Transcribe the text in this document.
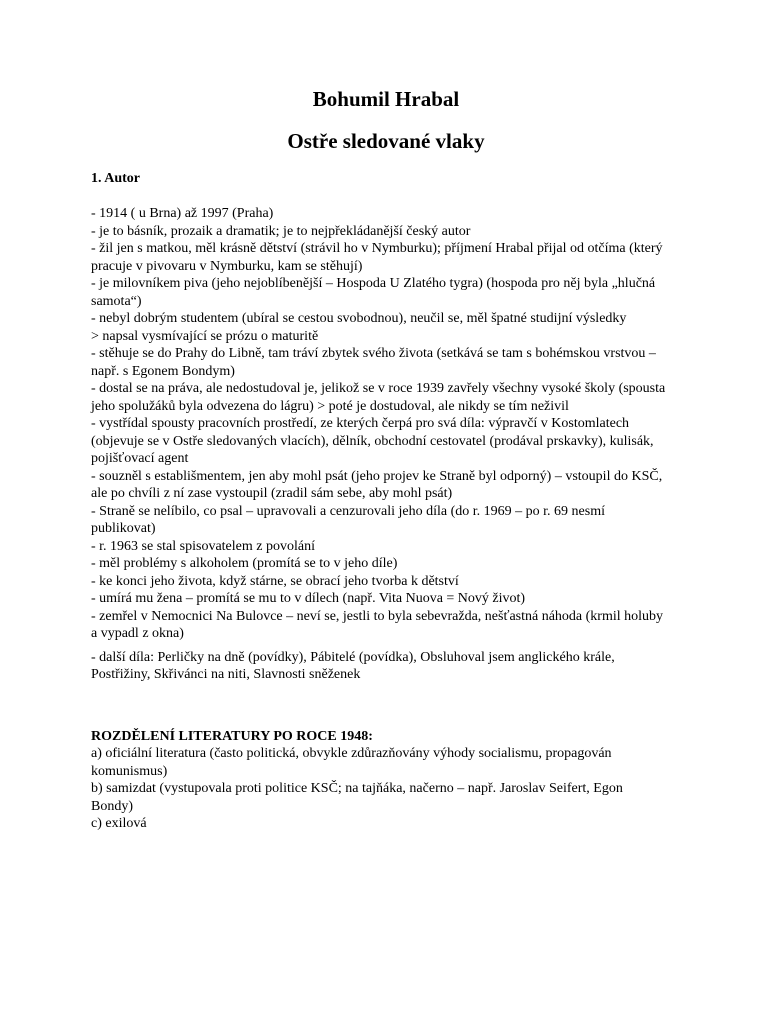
Bohumil Hrabal
Ostře sledované vlaky

1. Autor

- 1914 ( u Brna) až 1997 (Praha)

- je to básník, prozaik a dramatik; je to nejpřekládanější český autor

- žil jen s matkou, měl krásně dětství (strávil ho v Nymburku); příjmení Hrabal přijal od otčíma (který

pracuje v pivovaru v Nymburku, kam se stěhují)

- je milovníkem piva (jeho nejoblíbenější – Hospoda U Zlatého tygra) (hospoda pro něj byla „hlučná

samota“)

- nebyl dobrým studentem (ubíral se cestou svobodnou), neučil se, měl špatné studijní výsledky

> napsal vysmívající se prózu o maturitě

- stěhuje se do Prahy do Libně, tam tráví zbytek svého života (setkává se tam s bohémskou vrstvou –

např. s Egonem Bondym)

- dostal se na práva, ale nedostudoval je, jelikož se v roce 1939 zavřely všechny vysoké školy (spousta

jeho spolužáků byla odvezena do lágru) > poté je dostudoval, ale nikdy se tím neživil

- vystřídal spousty pracovních prostředí, ze kterých čerpá pro svá díla: výpravčí v Kostomlatech

(objevuje se v Ostře sledovaných vlacích), dělník, obchodní cestovatel (prodával prskavky), kulisák,

pojišťovací agent

- souzněl s establišmentem, jen aby mohl psát (jeho projev ke Straně byl odporný) – vstoupil do KSČ,

ale po chvíli z ní zase vystoupil (zradil sám sebe, aby mohl psát)

- Straně se nelíbilo, co psal – upravovali a cenzurovali jeho díla (do r. 1969 – po r. 69 nesmí

publikovat)

- r. 1963 se stal spisovatelem z povolání

- měl problémy s alkoholem (promítá se to v jeho díle)

- ke konci jeho života, když stárne, se obrací jeho tvorba k dětství

- umírá mu žena – promítá se mu to v dílech (např. Vita Nuova = Nový život)

- zemřel v Nemocnici Na Bulovce – neví se, jestli to byla sebevražda, nešťastná náhoda (krmil holuby

a vypadl z okna)

- další díla: Perličky na dně (povídky), Pábitelé (povídka), Obsluhoval jsem anglického krále,

Postřižiny, Skřivánci na niti, Slavnosti sněženek

ROZDĚLENÍ LITERATURY PO ROCE 1948:

a) oficiální literatura (často politická, obvykle zdůrazňovány výhody socialismu, propagován

komunismus)

b) samizdat (vystupovala proti politice KSČ; na tajňáka, načerno – např. Jaroslav Seifert, Egon

Bondy)

c) exilová
